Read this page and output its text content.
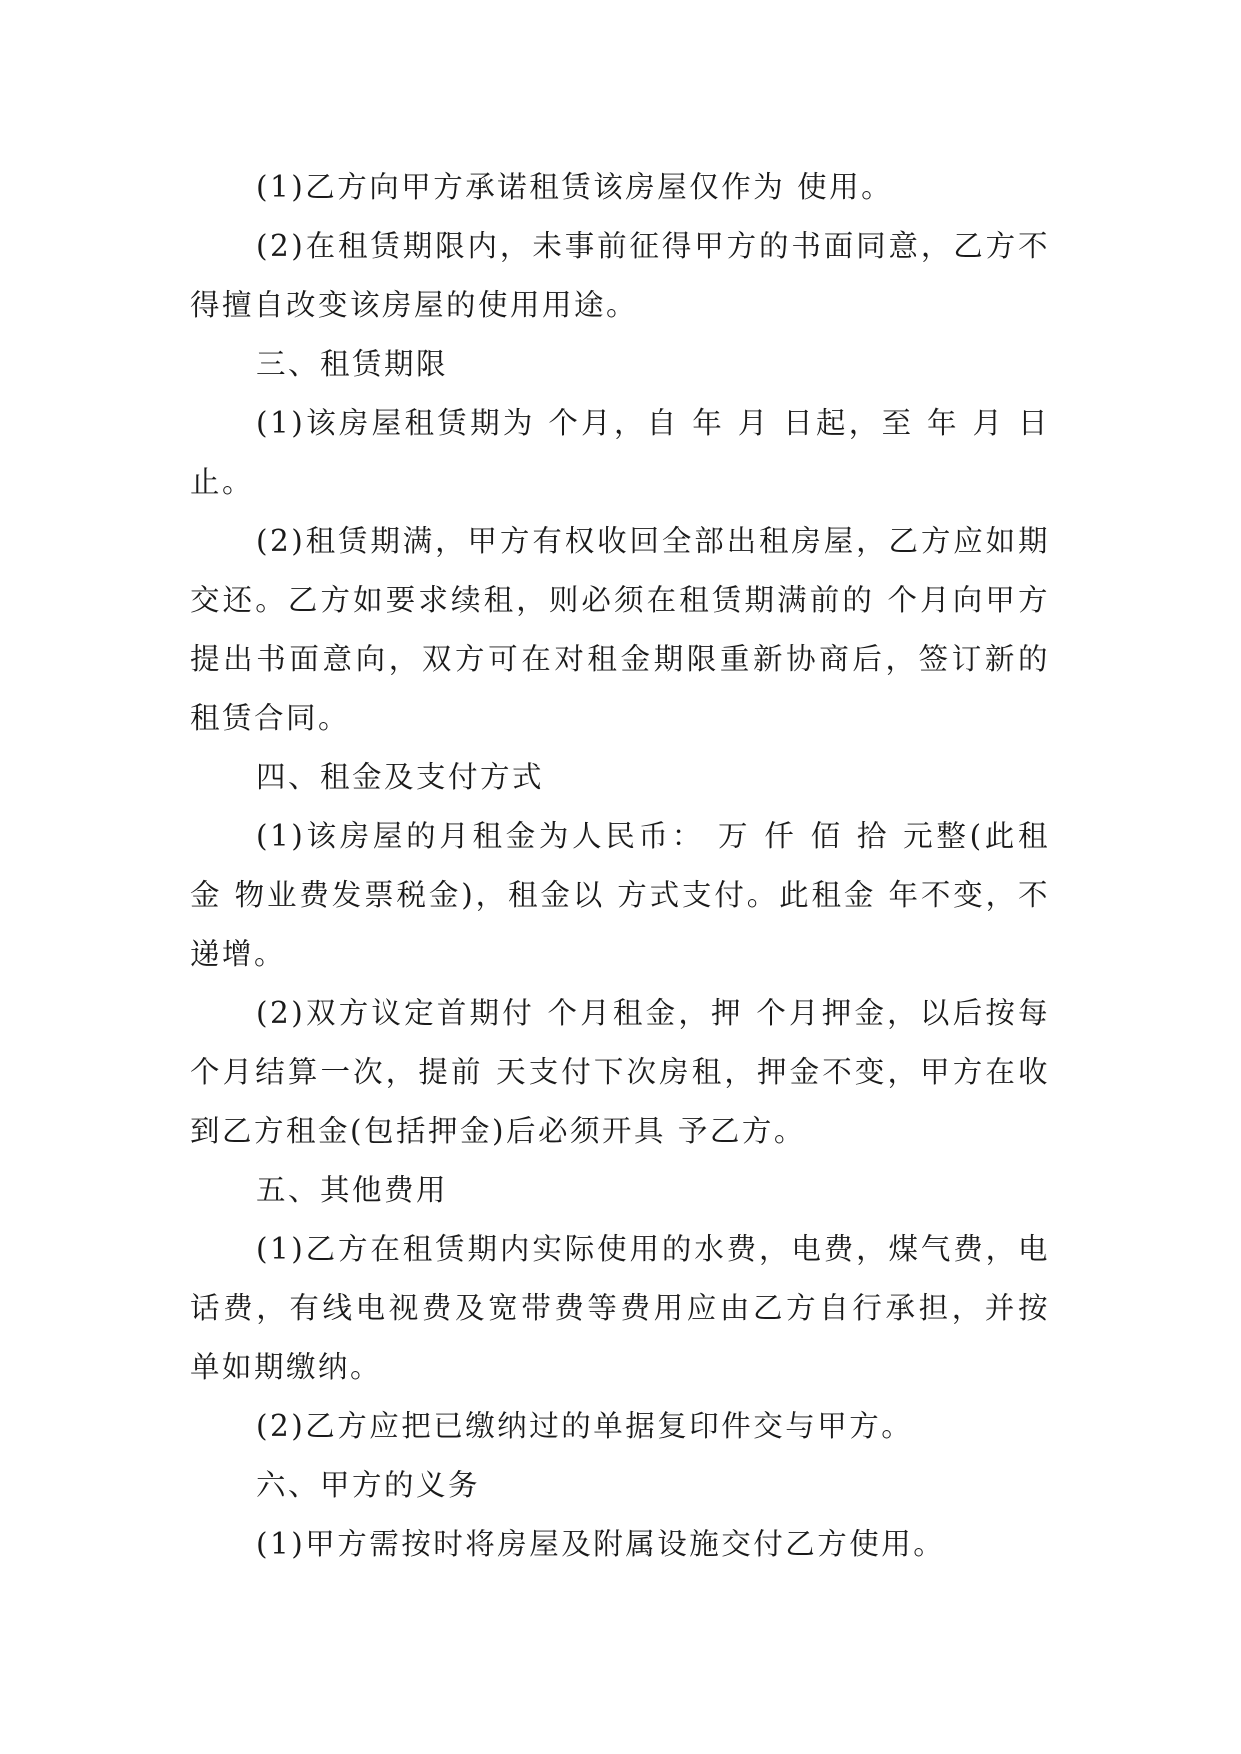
(1)乙方向甲方承诺租赁该房屋仅作为 使用。

(2)在租赁期限内，未事前征得甲方的书面同意，乙方不得擅自改变该房屋的使用用途。

三、租赁期限

(1)该房屋租赁期为 个月，自 年 月 日起，至 年 月 日止。

(2)租赁期满，甲方有权收回全部出租房屋，乙方应如期交还。乙方如要求续租，则必须在租赁期满前的 个月向甲方提出书面意向，双方可在对租金期限重新协商后，签订新的租赁合同。

四、租金及支付方式

(1)该房屋的月租金为人民币： 万 仟 佰 拾 元整(此租金 物业费发票税金)，租金以 方式支付。此租金 年不变，不递增。

(2)双方议定首期付 个月租金，押 个月押金，以后按每 个月结算一次，提前 天支付下次房租，押金不变，甲方在收到乙方租金(包括押金)后必须开具 予乙方。

五、其他费用

(1)乙方在租赁期内实际使用的水费，电费，煤气费，电话费，有线电视费及宽带费等费用应由乙方自行承担，并按单如期缴纳。

(2)乙方应把已缴纳过的单据复印件交与甲方。

六、甲方的义务

(1)甲方需按时将房屋及附属设施交付乙方使用。
